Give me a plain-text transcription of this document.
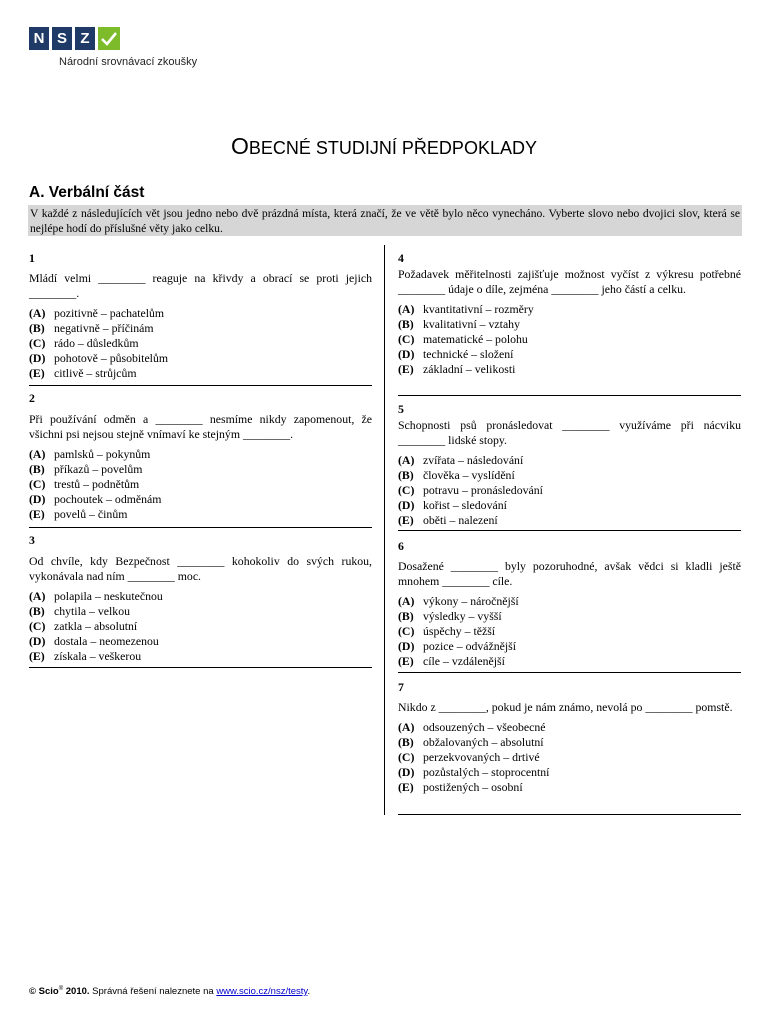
N S Z
Národní srovnávací zkoušky
OBECNÉ STUDIJNÍ PŘEDPOKLADY
A. Verbální část
V každé z následujících vět jsou jedno nebo dvě prázdná místa, která značí, že ve větě bylo něco vynecháno. Vyberte slovo nebo dvojici slov, která se nejlépe hodí do příslušné věty jako celku.
1
Mládí velmi ________ reaguje na křivdy a obrací se proti jejich ________.
(A) pozitivně – pachatelům
(B) negativně – příčinám
(C) rádo – důsledkům
(D) pohotově – působitelům
(E) citlivě – strůjcům
2
Při používání odměn a ________ nesmíme nikdy zapomenout, že všichni psi nejsou stejně vnímaví ke stejným ________.
(A) pamlsků – pokynům
(B) příkazů – povelům
(C) trestů – podnětům
(D) pochoutek – odměnám
(E) povelů – činům
3
Od chvíle, kdy Bezpečnost ________ kohokoliv do svých rukou, vykonávala nad ním ________ moc.
(A) polapila – neskutečnou
(B) chytila – velkou
(C) zatkla – absolutní
(D) dostala – neomezenou
(E) získala – veškerou
4
Požadavek měřitelnosti zajišťuje možnost vyčíst z výkresu potřebné ________ údaje o díle, zejména ________ jeho částí a celku.
(A) kvantitativní – rozměry
(B) kvalitativní – vztahy
(C) matematické – polohu
(D) technické – složení
(E) základní – velikosti
5
Schopnosti psů pronásledovat ________ využíváme při nácviku ________ lidské stopy.
(A) zvířata – následování
(B) člověka – vyslídění
(C) potravu – pronásledování
(D) kořist – sledování
(E) oběti – nalezení
6
Dosažené ________ byly pozoruhodné, avšak vědci si kladli ještě mnohem ________ cíle.
(A) výkony – náročnější
(B) výsledky – vyšší
(C) úspěchy – těžší
(D) pozice – odvážnější
(E) cíle – vzdálenější
7
Nikdo z ________, pokud je nám známo, nevolá po ________ pomstě.
(A) odsouzených – všeobecné
(B) obžalovaných – absolutní
(C) perzekvovaných – drtivé
(D) pozůstalých – stoprocentní
(E) postižených – osobní
© Scio® 2010. Správná řešení naleznete na www.scio.cz/nsz/testy.
